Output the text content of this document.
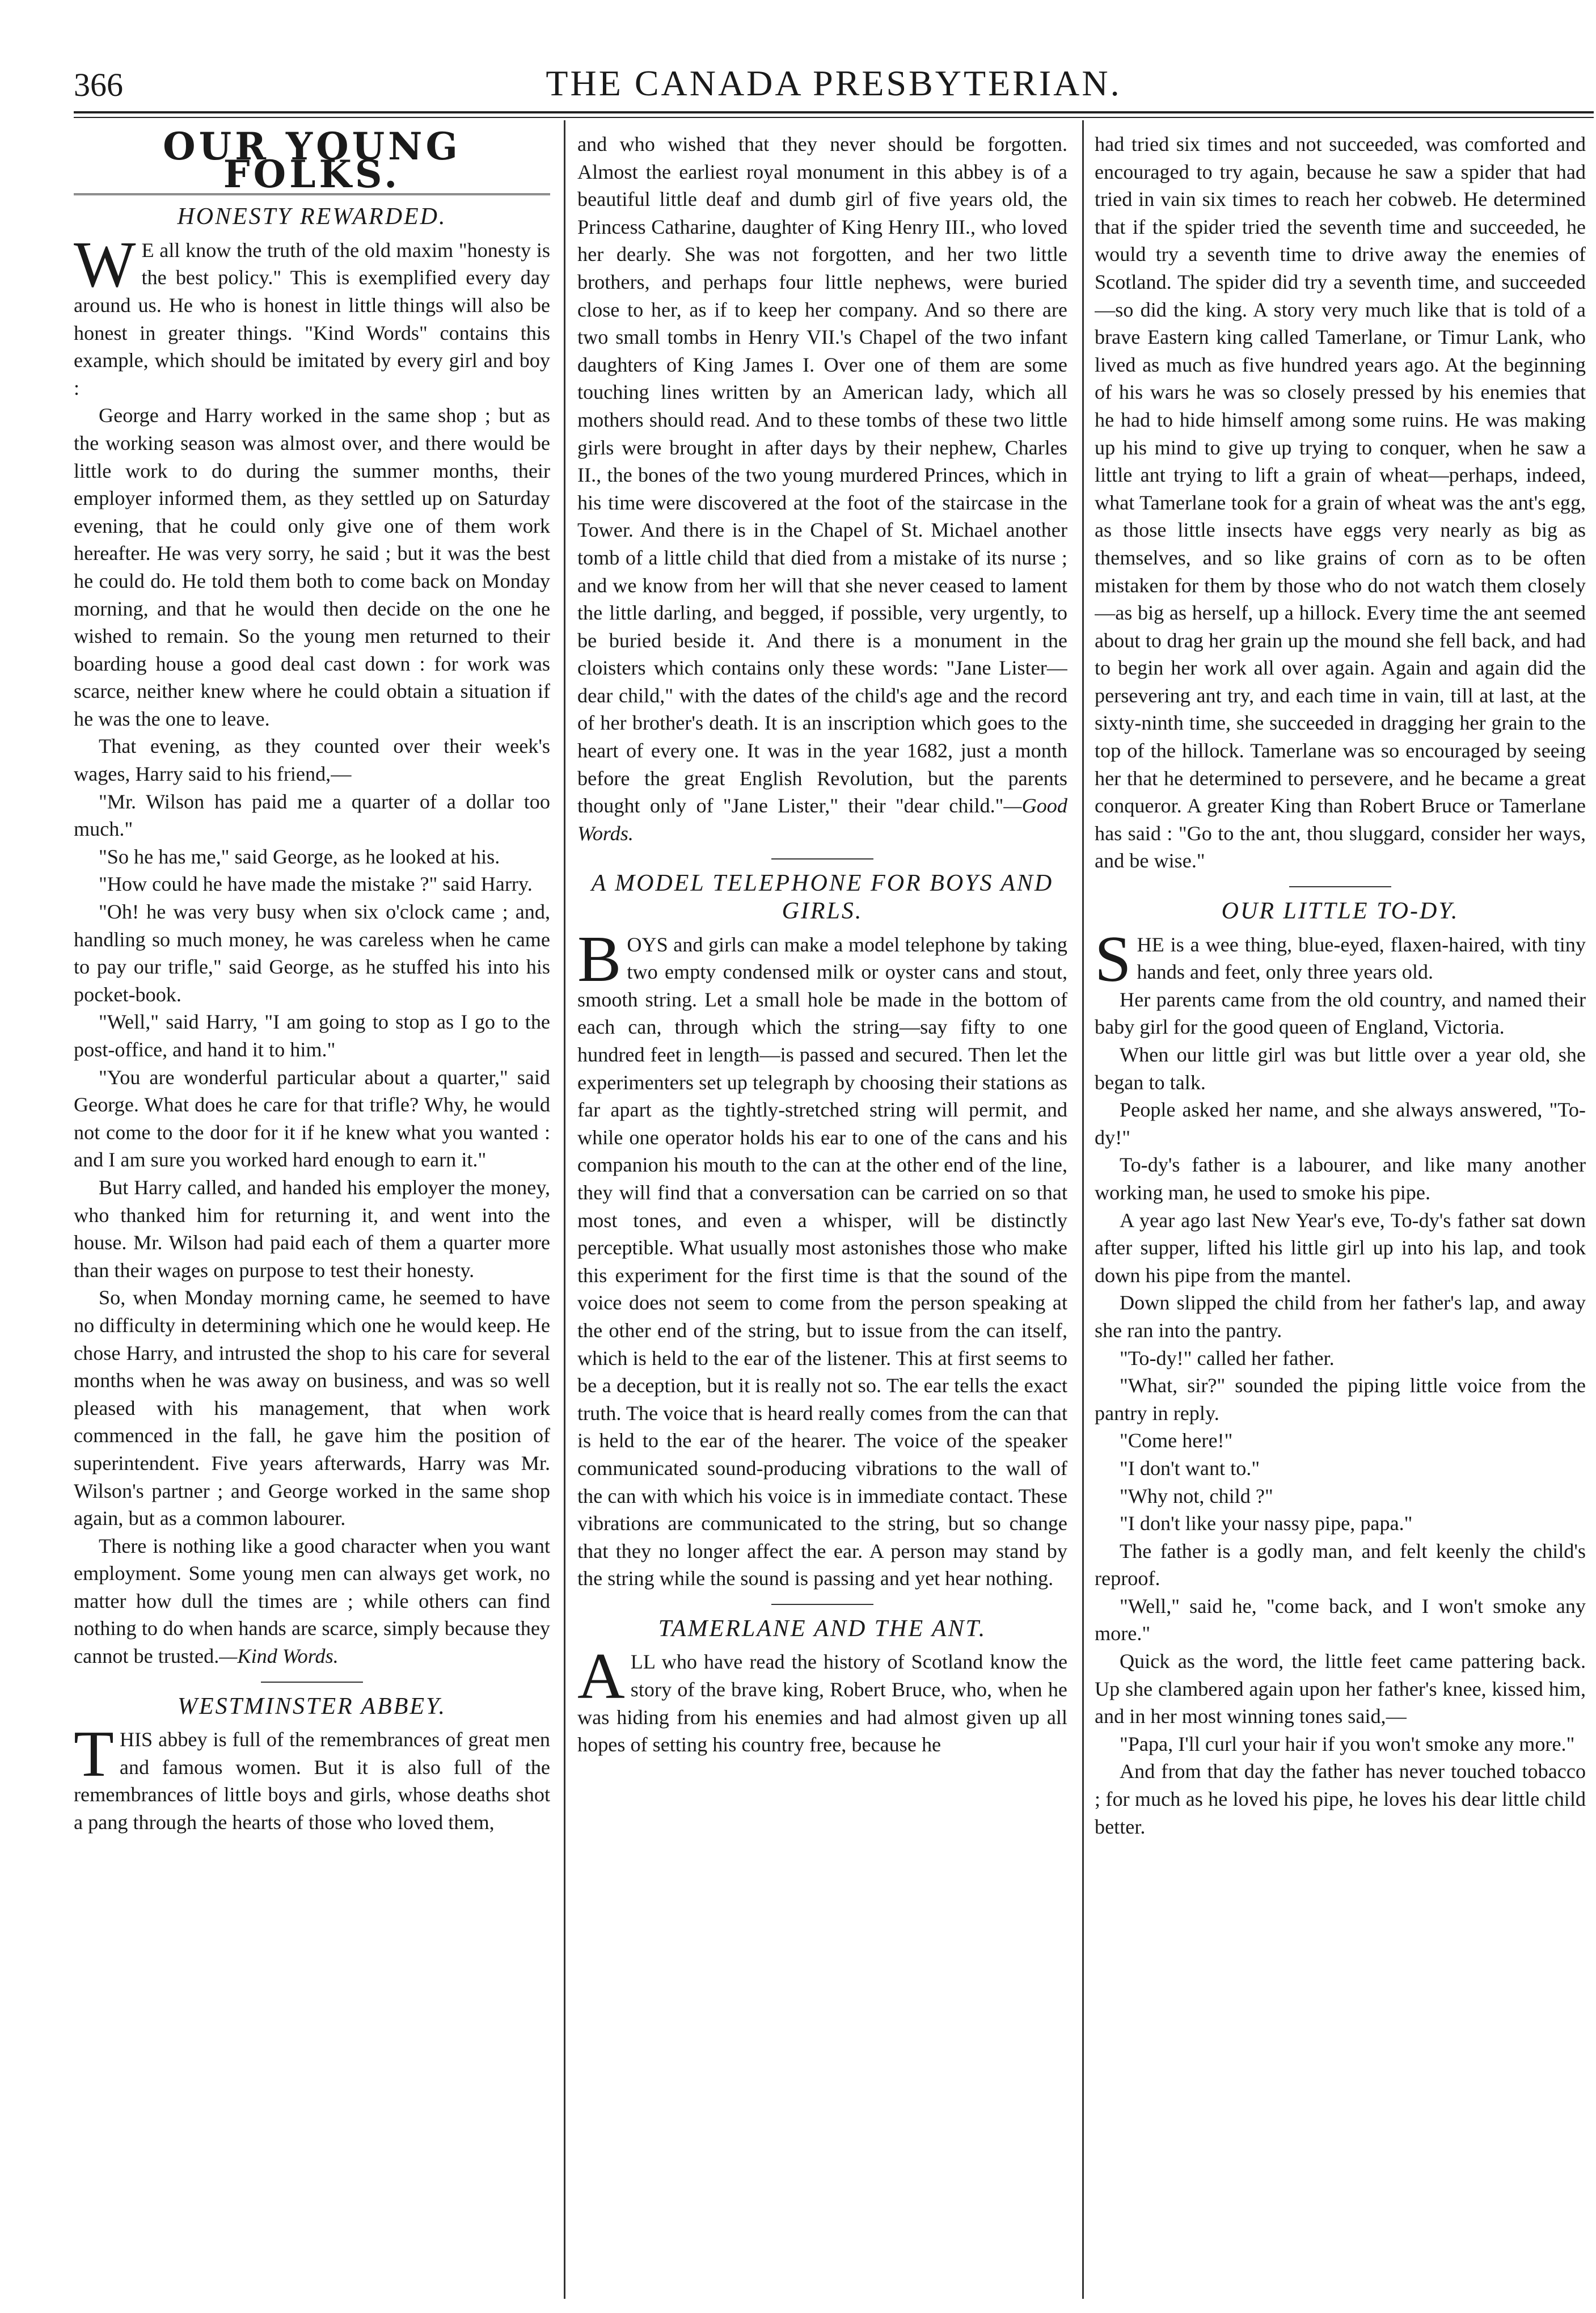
366	THE CANADA PRESBYTERIAN.
OUR YOUNG FOLKS.
HONESTY REWARDED.

W E all know the truth of the old maxim "honesty is the best policy." This is exemplified every day around us. He who is honest in little things will also be honest in greater things. "Kind Words" contains this example, which should be imitated by every girl and boy :

George and Harry worked in the same shop ; but as the working season was almost over, and there would be little work to do during the summer months, their employer informed them, as they settled up on Saturday evening, that he could only give one of them work hereafter. He was very sorry, he said ; but it was the best he could do. He told them both to come back on Monday morning, and that he would then decide on the one he wished to remain. So the young men returned to their boarding house a good deal cast down : for work was scarce, neither knew where he could obtain a situation if he was the one to leave.

That evening, as they counted over their week's wages, Harry said to his friend,—

"Mr. Wilson has paid me a quarter of a dollar too much."

"So he has me," said George, as he looked at his.

"How could he have made the mistake ?" said Harry.

"Oh! he was very busy when six o'clock came ; and, handling so much money, he was careless when he came to pay our trifle," said George, as he stuffed his into his pocket-book.

"Well," said Harry, "I am going to stop as I go to the post-office, and hand it to him."

"You are wonderful particular about a quarter," said George. What does he care for that trifle? Why, he would not come to the door for it if he knew what you wanted : and I am sure you worked hard enough to earn it."

But Harry called, and handed his employer the money, who thanked him for returning it, and went into the house. Mr. Wilson had paid each of them a quarter more than their wages on purpose to test their honesty.

So, when Monday morning came, he seemed to have no difficulty in determining which one he would keep. He chose Harry, and intrusted the shop to his care for several months when he was away on business, and was so well pleased with his management, that when work commenced in the fall, he gave him the position of superintendent. Five years afterwards, Harry was Mr. Wilson's partner ; and George worked in the same shop again, but as a common labourer.

There is nothing like a good character when you want employment. Some young men can always get work, no matter how dull the times are ; while others can find nothing to do when hands are scarce, simply because they cannot be trusted.—Kind Words.

WESTMINSTER ABBEY.

THIS abbey is full of the remembrances of great men and famous women. But it is also full of the remembrances of little boys and girls, whose deaths shot a pang through the hearts of those who loved them,

and who wished that they never should be forgotten. Almost the earliest royal monument in this abbey is of a beautiful little deaf and dumb girl of five years old, the Princess Catharine, daughter of King Henry III., who loved her dearly. She was not forgotten, and her two little brothers, and perhaps four little nephews, were buried close to her, as if to keep her company. And so there are two small tombs in Henry VII.'s Chapel of the two infant daughters of King James I. Over one of them are some touching lines written by an American lady, which all mothers should read. And to these tombs of these two little girls were brought in after days by their nephew, Charles II., the bones of the two young murdered Princes, which in his time were discovered at the foot of the staircase in the Tower. And there is in the Chapel of St. Michael another tomb of a little child that died from a mistake of its nurse ; and we know from her will that she never ceased to lament the little darling, and begged, if possible, very urgently, to be buried beside it. And there is a monument in the cloisters which contains only these words: "Jane Lister—dear child," with the dates of the child's age and the record of her brother's death. It is an inscription which goes to the heart of every one. It was in the year 1682, just a month before the great English Revolution, but the parents thought only of "Jane Lister," their "dear child."—Good Words.

A MODEL TELEPHONE FOR BOYS AND GIRLS.

BOYS and girls can make a model telephone by taking two empty condensed milk or oyster cans and stout, smooth string. Let a small hole be made in the bottom of each can, through which the string—say fifty to one hundred feet in length—is passed and secured. Then let the experimenters set up telegraph by choosing their stations as far apart as the tightly-stretched string will permit, and while one operator holds his ear to one of the cans and his companion his mouth to the can at the other end of the line, they will find that a conversation can be carried on so that most tones, and even a whisper, will be distinctly perceptible. What usually most astonishes those who make this experiment for the first time is that the sound of the voice does not seem to come from the person speaking at the other end of the string, but to issue from the can itself, which is held to the ear of the listener. This at first seems to be a deception, but it is really not so. The ear tells the exact truth. The voice that is heard really comes from the can that is held to the ear of the hearer. The voice of the speaker communicated sound-producing vibrations to the wall of the can with which his voice is in immediate contact. These vibrations are communicated to the string, but so change that they no longer affect the ear. A person may stand by the string while the sound is passing and yet hear nothing.

TAMERLANE AND THE ANT.

ALL who have read the history of Scotland know the story of the brave king, Robert Bruce, who, when he was hiding from his enemies and had almost given up all hopes of setting his country free, because he

had tried six times and not succeeded, was comforted and encouraged to try again, because he saw a spider that had tried in vain six times to reach her cobweb. He determined that if the spider tried the seventh time and succeeded, he would try a seventh time to drive away the enemies of Scotland. The spider did try a seventh time, and succeeded —so did the king. A story very much like that is told of a brave Eastern king called Tamerlane, or Timur Lank, who lived as much as five hundred years ago. At the beginning of his wars he was so closely pressed by his enemies that he had to hide himself among some ruins. He was making up his mind to give up trying to conquer, when he saw a little ant trying to lift a grain of wheat—perhaps, indeed, what Tamerlane took for a grain of wheat was the ant's egg, as those little insects have eggs very nearly as big as themselves, and so like grains of corn as to be often mistaken for them by those who do not watch them closely—as big as herself, up a hillock. Every time the ant seemed about to drag her grain up the mound she fell back, and had to begin her work all over again. Again and again did the persevering ant try, and each time in vain, till at last, at the sixty-ninth time, she succeeded in dragging her grain to the top of the hillock. Tamerlane was so encouraged by seeing her that he determined to persevere, and he became a great conqueror. A greater King than Robert Bruce or Tamerlane has said : "Go to the ant, thou sluggard, consider her ways, and be wise."

OUR LITTLE TO-DY.

SHE is a wee thing, blue-eyed, flaxen-haired, with tiny hands and feet, only three years old.

Her parents came from the old country, and named their baby girl for the good queen of England, Victoria.

When our little girl was but little over a year old, she began to talk.

People asked her name, and she always answered, "To-dy!"

To-dy's father is a labourer, and like many another working man, he used to smoke his pipe.

A year ago last New Year's eve, To-dy's father sat down after supper, lifted his little girl up into his lap, and took down his pipe from the mantel.

Down slipped the child from her father's lap, and away she ran into the pantry.

"To-dy!" called her father.

"What, sir?" sounded the piping little voice from the pantry in reply.

"Come here!"

"I don't want to."

"Why not, child ?"

"I don't like your nassy pipe, papa."

The father is a godly man, and felt keenly the child's reproof.

"Well," said he, "come back, and I won't smoke any more."

Quick as the word, the little feet came pattering back. Up she clambered again upon her father's knee, kissed him, and in her most winning tones said,—

"Papa, I'll curl your hair if you won't smoke any more."

And from that day the father has never touched tobacco ; for much as he loved his pipe, he loves his dear little child better.
